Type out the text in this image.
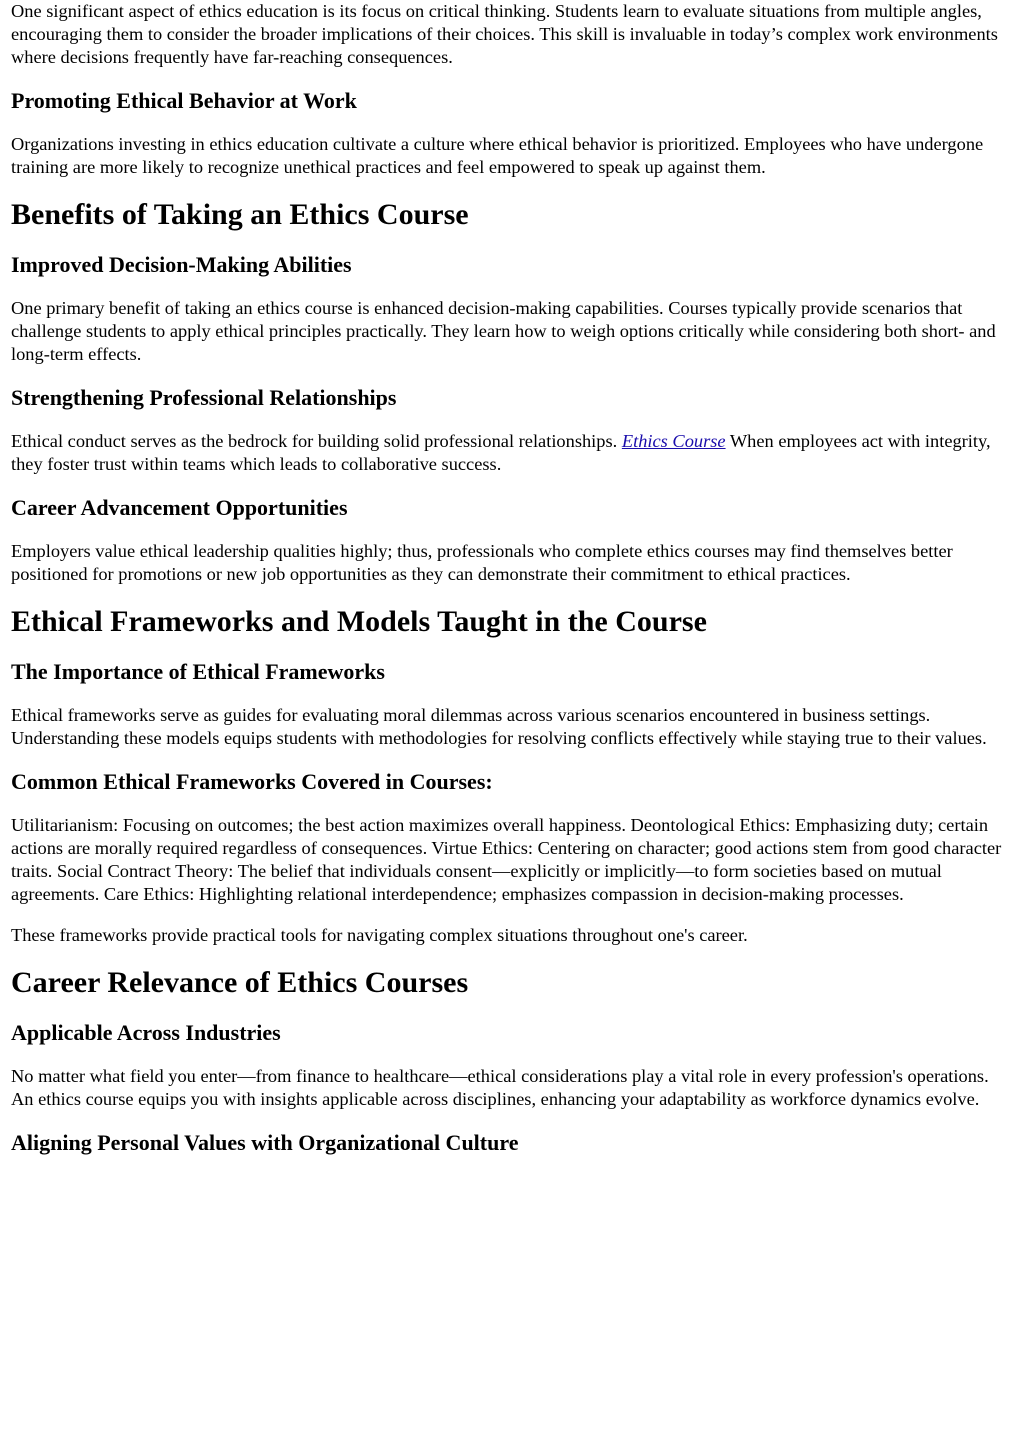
One significant aspect of ethics education is its focus on critical thinking. Students learn to evaluate situations from multiple angles, encouraging them to consider the broader implications of their choices. This skill is invaluable in today’s complex work environments where decisions frequently have far-reaching consequences.

Promoting Ethical Behavior at Work

Organizations investing in ethics education cultivate a culture where ethical behavior is prioritized. Employees who have undergone training are more likely to recognize unethical practices and feel empowered to speak up against them.

Benefits of Taking an Ethics Course
Improved Decision-Making Abilities

One primary benefit of taking an ethics course is enhanced decision-making capabilities. Courses typically provide scenarios that challenge students to apply ethical principles practically. They learn how to weigh options critically while considering both short- and long-term effects.

Strengthening Professional Relationships

Ethical conduct serves as the bedrock for building solid professional relationships. Ethics Course When employees act with integrity, they foster trust within teams which leads to collaborative success.

Career Advancement Opportunities

Employers value ethical leadership qualities highly; thus, professionals who complete ethics courses may find themselves better positioned for promotions or new job opportunities as they can demonstrate their commitment to ethical practices.

Ethical Frameworks and Models Taught in the Course
The Importance of Ethical Frameworks

Ethical frameworks serve as guides for evaluating moral dilemmas across various scenarios encountered in business settings. Understanding these models equips students with methodologies for resolving conflicts effectively while staying true to their values.

Common Ethical Frameworks Covered in Courses:

Utilitarianism: Focusing on outcomes; the best action maximizes overall happiness. Deontological Ethics: Emphasizing duty; certain actions are morally required regardless of consequences. Virtue Ethics: Centering on character; good actions stem from good character traits. Social Contract Theory: The belief that individuals consent—explicitly or implicitly—to form societies based on mutual agreements. Care Ethics: Highlighting relational interdependence; emphasizes compassion in decision-making processes.

These frameworks provide practical tools for navigating complex situations throughout one's career.

Career Relevance of Ethics Courses
Applicable Across Industries

No matter what field you enter—from finance to healthcare—ethical considerations play a vital role in every profession's operations. An ethics course equips you with insights applicable across disciplines, enhancing your adaptability as workforce dynamics evolve.

Aligning Personal Values with Organizational Culture
